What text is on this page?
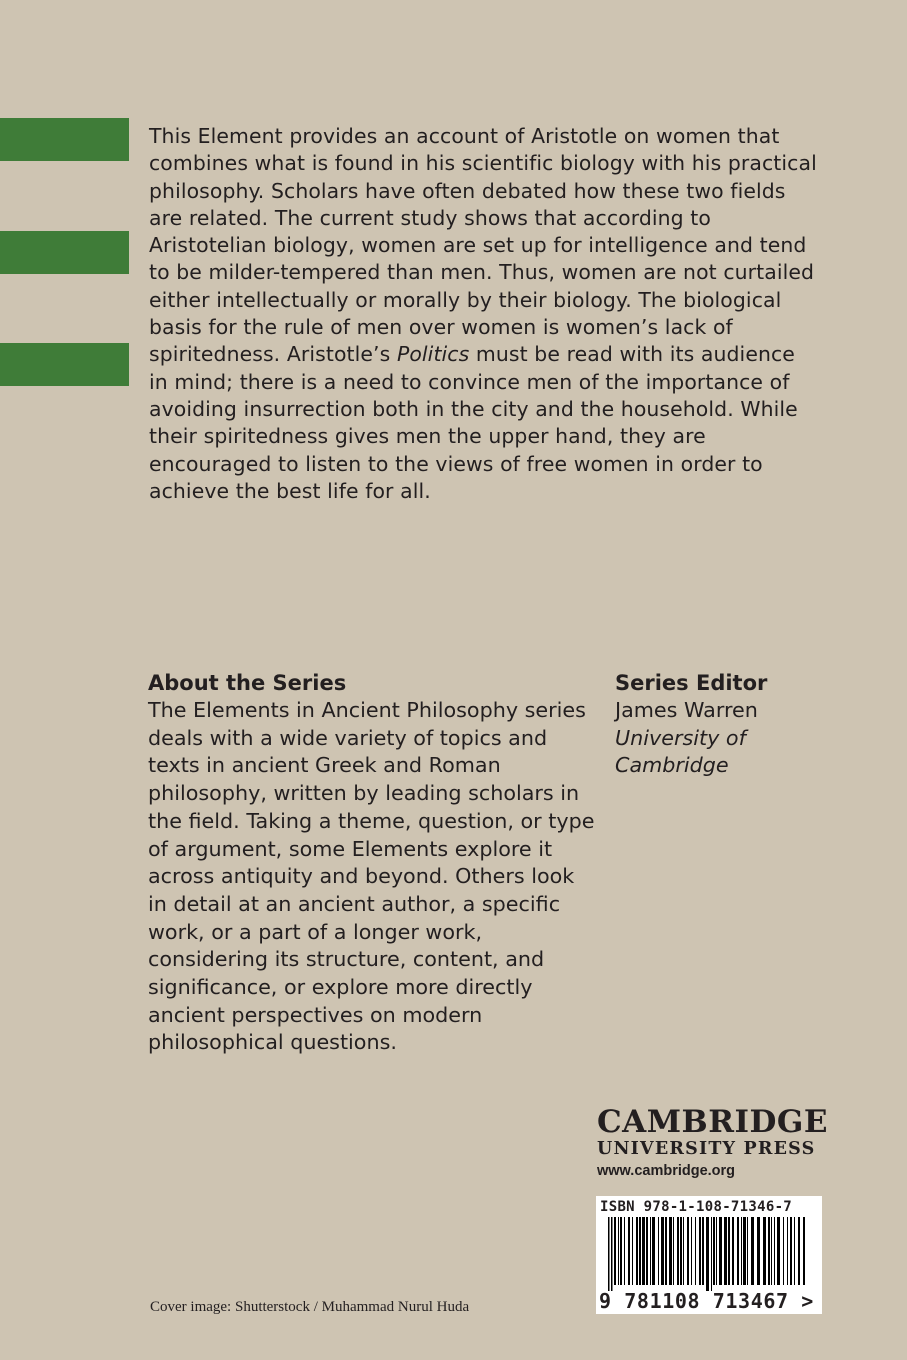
This Element provides an account of Aristotle on women that combines what is found in his scientific biology with his practical philosophy. Scholars have often debated how these two fields are related. The current study shows that according to Aristotelian biology, women are set up for intelligence and tend to be milder-tempered than men. Thus, women are not curtailed either intellectually or morally by their biology. The biological basis for the rule of men over women is women’s lack of spiritedness. Aristotle’s Politics must be read with its audience in mind; there is a need to convince men of the importance of avoiding insurrection both in the city and the household. While their spiritedness gives men the upper hand, they are encouraged to listen to the views of free women in order to achieve the best life for all.

About the Series

The Elements in Ancient Philosophy series deals with a wide variety of topics and texts in ancient Greek and Roman philosophy, written by leading scholars in the field. Taking a theme, question, or type of argument, some Elements explore it across antiquity and beyond. Others look in detail at an ancient author, a specific work, or a part of a longer work, considering its structure, content, and significance, or explore more directly ancient perspectives on modern philosophical questions.

Series Editor
James Warren
University of
Cambridge
CAMBRIDGE
UNIVERSITY PRESS
www.cambridge.org
ISBN 978-1-108-71346-7
9 781108 713467 >
Cover image: Shutterstock / Muhammad Nurul Huda
